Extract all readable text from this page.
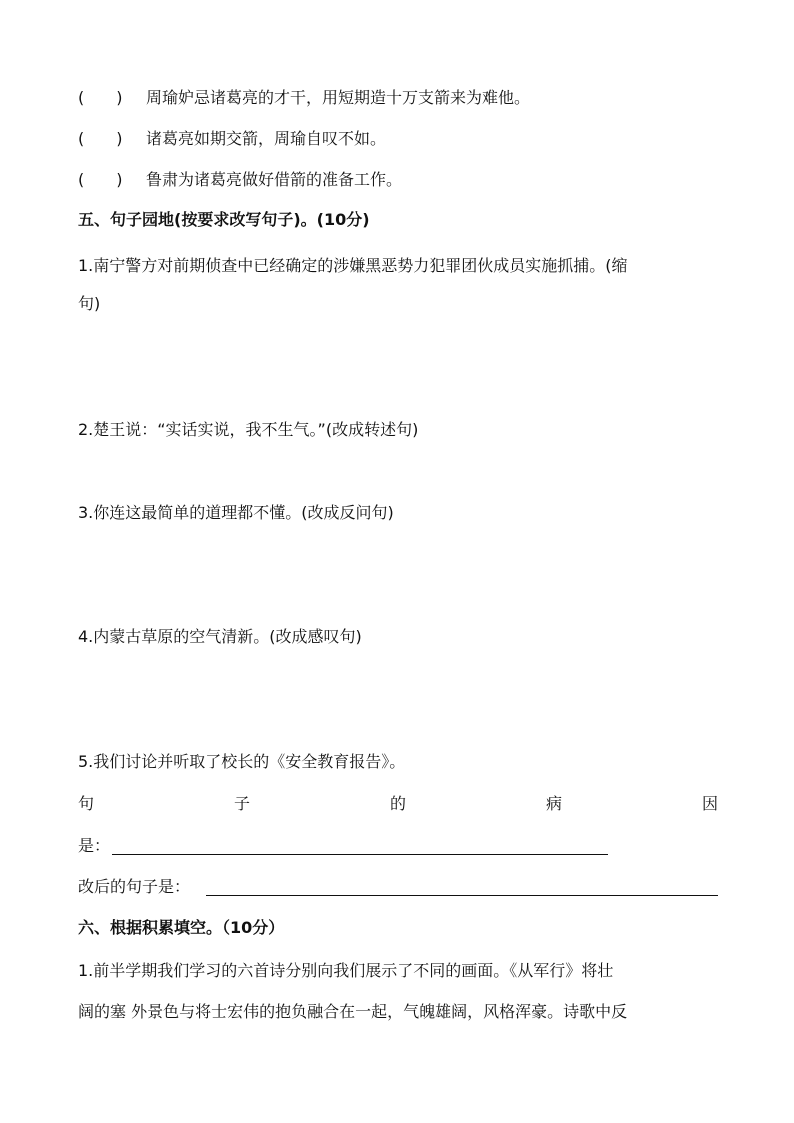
(　　) 周瑜妒忌诸葛亮的才干，用短期造十万支箭来为难他。
(　　) 诸葛亮如期交箭，周瑜自叹不如。
(　　) 鲁肃为诸葛亮做好借箭的准备工作。
五、句子园地(按要求改写句子)。(10分)
1.南宁警方对前期侦查中已经确定的涉嫌黑恶势力犯罪团伙成员实施抓捕。(缩
句)
2.楚王说：“实话实说，我不生气。”(改成转述句)
3.你连这最简单的道理都不懂。(改成反问句)
4.内蒙古草原的空气清新。(改成感叹句)
5.我们讨论并听取了校长的《安全教育报告》。
句	子	的	病	因
是：
改后的句子是：
六、根据积累填空。（10分）
1.前半学期我们学习的六首诗分别向我们展示了不同的画面。《从军行》将壮
阔的塞 外景色与将士宏伟的抱负融合在一起，气魄雄阔，风格浑豪。诗歌中反
